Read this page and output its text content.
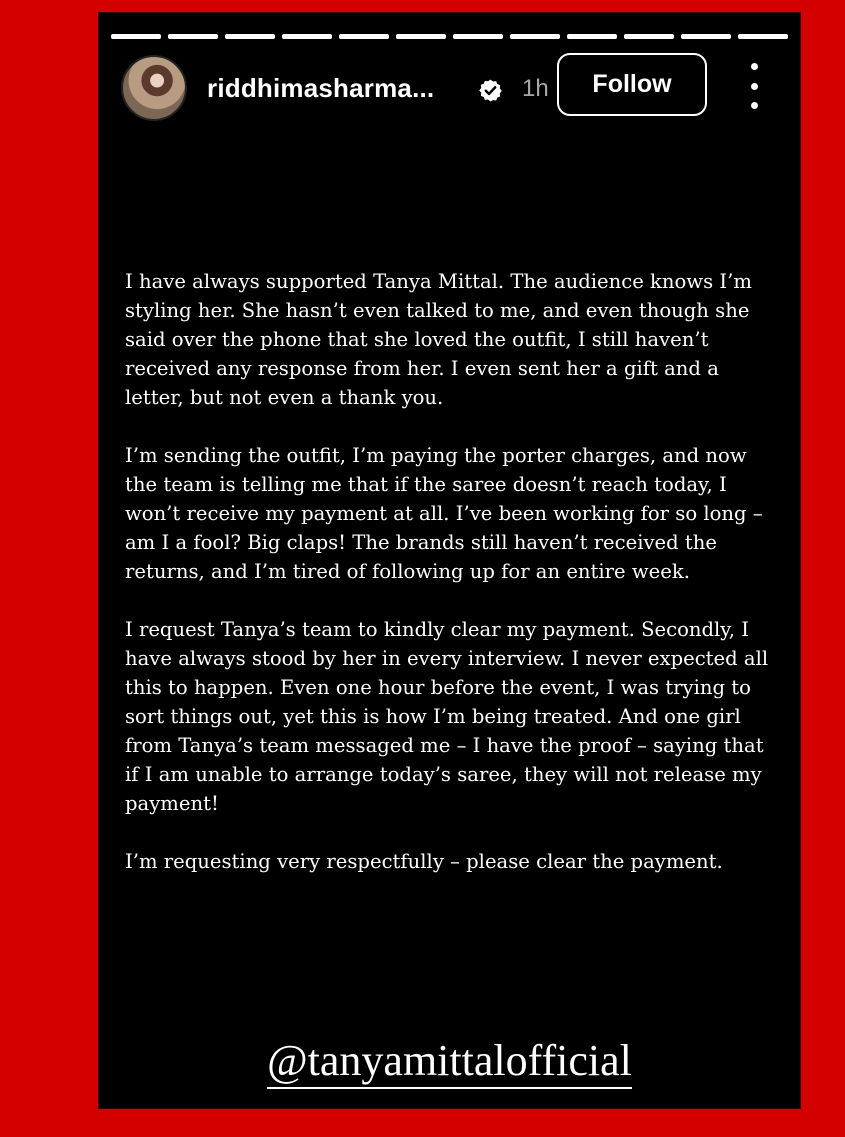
riddhimasharma...	1h	Follow

I have always supported Tanya Mittal. The audience knows I’m styling her. She hasn’t even talked to me, and even though she said over the phone that she loved the outfit, I still haven’t received any response from her. I even sent her a gift and a letter, but not even a thank you.

I’m sending the outfit, I’m paying the porter charges, and now the team is telling me that if the saree doesn’t reach today, I won’t receive my payment at all. I’ve been working for so long – am I a fool? Big claps! The brands still haven’t received the returns, and I’m tired of following up for an entire week.

I request Tanya’s team to kindly clear my payment. Secondly, I have always stood by her in every interview. I never expected all this to happen. Even one hour before the event, I was trying to sort things out, yet this is how I’m being treated. And one girl from Tanya’s team messaged me – I have the proof – saying that if I am unable to arrange today’s saree, they will not release my payment!

I’m requesting very respectfully – please clear the payment.

@tanyamittalofficial
